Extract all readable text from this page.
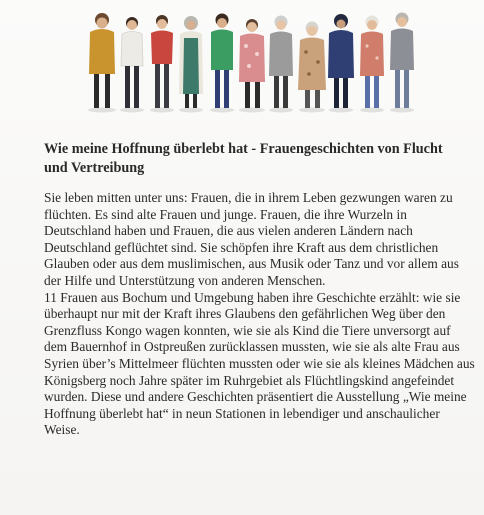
Wie meine Hoffnung überlebt hat - Frauengeschichten von Flucht und Vertreibung

Sie leben mitten unter uns: Frauen, die in ihrem Leben gezwungen waren zu flüchten. Es sind alte Frauen und junge. Frauen, die ihre Wurzeln in Deutschland haben und Frauen, die aus vielen anderen Ländern nach Deutschland geflüchtet sind. Sie schöpfen ihre Kraft aus dem christlichen Glauben oder aus dem muslimischen, aus Musik oder Tanz und vor allem aus der Hilfe und Unterstützung von anderen Menschen.

11 Frauen aus Bochum und Umgebung haben ihre Geschichte erzählt: wie sie überhaupt nur mit der Kraft ihres Glaubens den gefährlichen Weg über den Grenzfluss Kongo wagen konnten, wie sie als Kind die Tiere unversorgt auf dem Bauernhof in Ostpreußen zurücklassen mussten, wie sie als alte Frau aus Syrien über’s Mittelmeer flüchten mussten oder wie sie als kleines Mädchen aus Königsberg noch Jahre später im Ruhrgebiet als Flüchtlingskind angefeindet wurden. Diese und andere Geschichten präsentiert die Ausstellung „Wie meine Hoffnung überlebt hat“ in neun Stationen in lebendiger und anschaulicher Weise.
